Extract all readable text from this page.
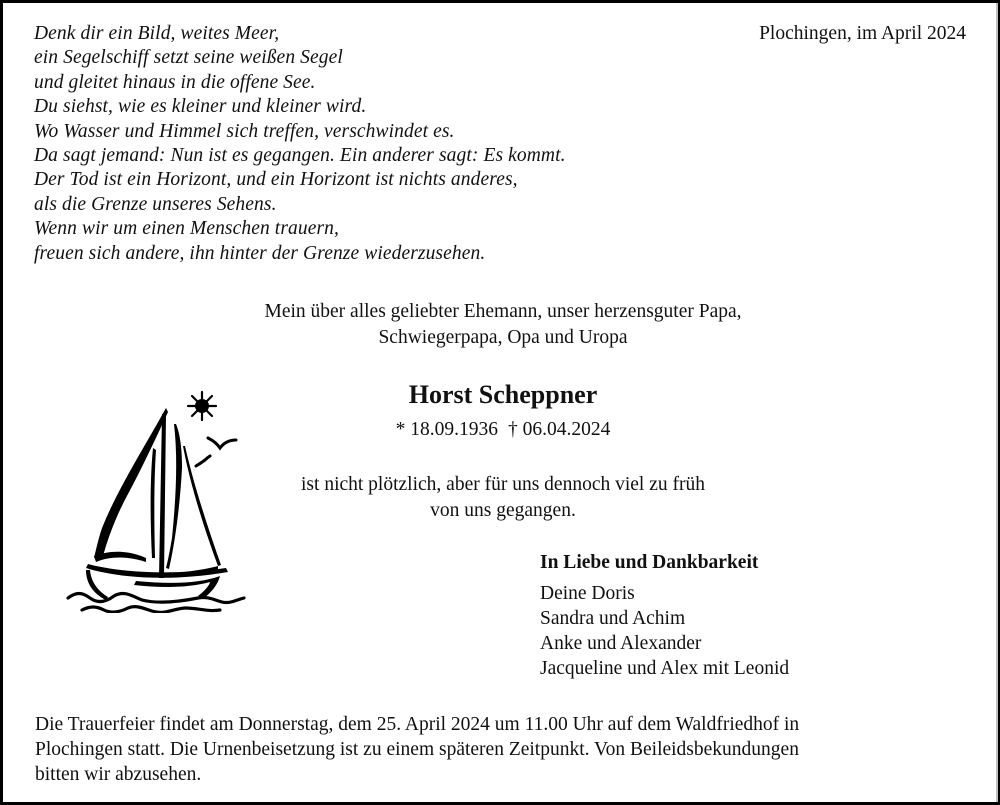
Denk dir ein Bild, weites Meer,
ein Segelschiff setzt seine weißen Segel
und gleitet hinaus in die offene See.
Du siehst, wie es kleiner und kleiner wird.
Wo Wasser und Himmel sich treffen, verschwindet es.
Da sagt jemand: Nun ist es gegangen. Ein anderer sagt: Es kommt.
Der Tod ist ein Horizont, und ein Horizont ist nichts anderes,
als die Grenze unseres Sehens.
Wenn wir um einen Menschen trauern,
freuen sich andere, ihn hinter der Grenze wiederzusehen.
Plochingen, im April 2024
Mein über alles geliebter Ehemann, unser herzensguter Papa,
Schwiegerpapa, Opa und Uropa
Horst Scheppner
* 18.09.1936 † 06.04.2024
ist nicht plötzlich, aber für uns dennoch viel zu früh
von uns gegangen.
In Liebe und Dankbarkeit
Deine Doris
Sandra und Achim
Anke und Alexander
Jacqueline und Alex mit Leonid
Die Trauerfeier findet am Donnerstag, dem 25. April 2024 um 11.00 Uhr auf dem Waldfriedhof in
Plochingen statt. Die Urnenbeisetzung ist zu einem späteren Zeitpunkt. Von Beileidsbekundungen
bitten wir abzusehen.
